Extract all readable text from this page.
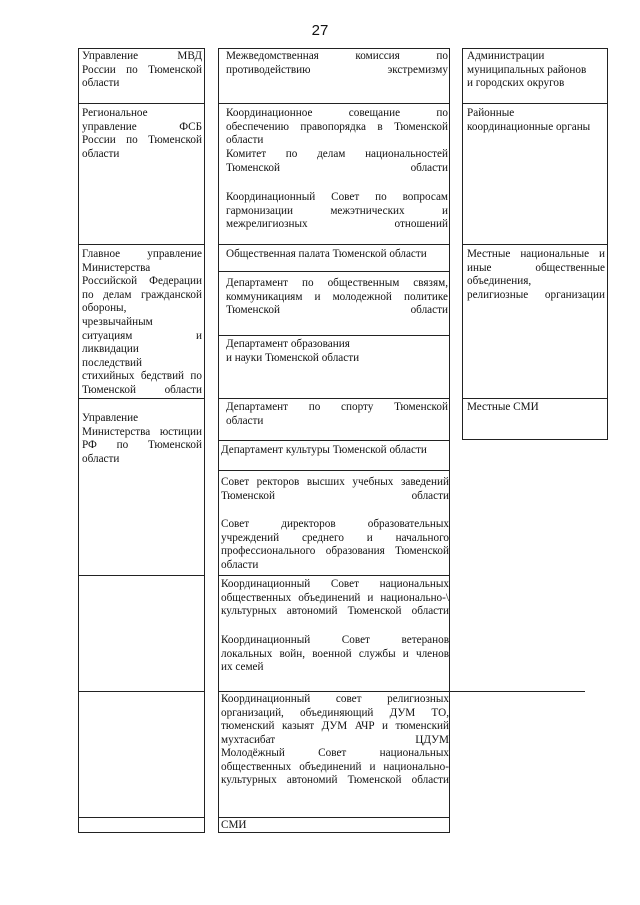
27
Управление МВД
России по Тюменской
области
Региональное
управление ФСБ
России по Тюменской
области
Главное управление
Министерства
Российской Федерации
по делам гражданской
обороны,
чрезвычайным
ситуациям и
ликвидации
последствий
стихийных бедствий по
Тюменской области
Управление
Министерства юстиции
РФ по Тюменской
области
Межведомственная комиссия по
противодействию экстремизму
Координационное совещание по
обеспечению правопорядка в Тюменской
области
Комитет по делам национальностей
Тюменской области
Координационный Совет по вопросам
гармонизации межэтнических и
межрелигиозных отношений
Общественная палата Тюменской области
Департамент по общественным связям,
коммуникациям и молодежной политике
Тюменской области
Департамент образования
и науки Тюменской области
Департамент по спорту Тюменской
области
Департамент культуры Тюменской области
Совет ректоров высших учебных заведений
Тюменской области
Совет директоров образовательных
учреждений среднего и начального
профессионального образования Тюменской
области
Координационный Совет национальных
общественных объединений и национально-\
культурных автономий Тюменской области
Координационный Совет ветеранов
локальных войн, военной службы и членов
их семей
Координационный совет религиозных
организаций, объединяющий ДУМ ТО,
тюменский казыят ДУМ АЧР и тюменский
мухтасибат ЦДУМ
Молодёжный Совет национальных
общественных объединений и национально-
культурных автономий Тюменской области
СМИ
Администрации
муниципальных районов
и городских округов
Районные
координационные органы
Местные национальные и
иные общественные
объединения,
религиозные организации
Местные СМИ
